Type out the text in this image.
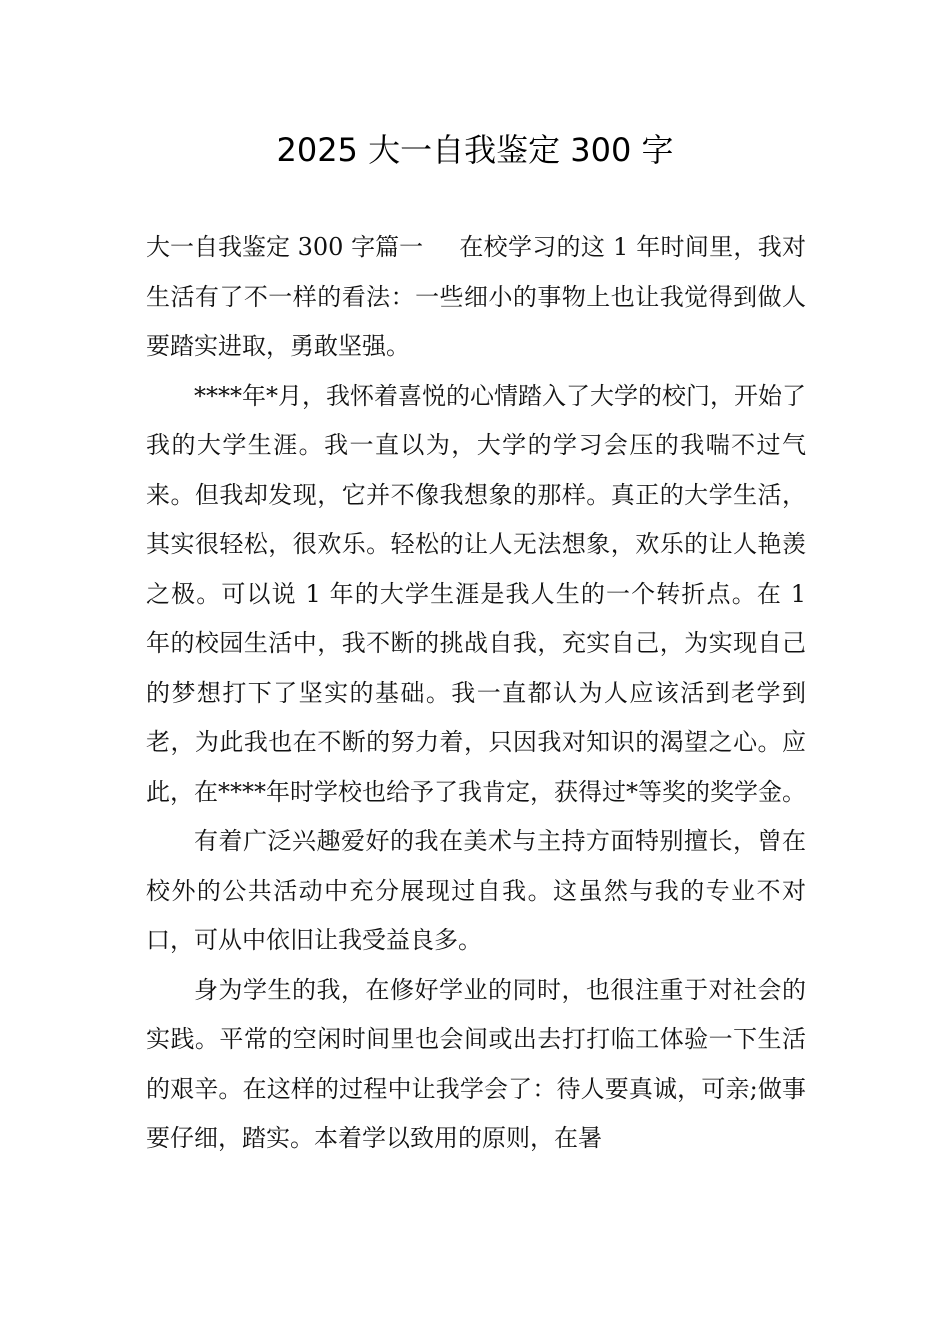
2025 大一自我鉴定 300 字

大一自我鉴定 300 字篇一 在校学习的这 1 年时间里，我对生活有了不一样的看法：一些细小的事物上也让我觉得到做人要踏实进取，勇敢坚强。

****年*月，我怀着喜悦的心情踏入了大学的校门，开始了我的大学生涯。我一直以为，大学的学习会压的我喘不过气来。但我却发现，它并不像我想象的那样。真正的大学生活，其实很轻松，很欢乐。轻松的让人无法想象，欢乐的让人艳羡之极。可以说 1 年的大学生涯是我人生的一个转折点。在 1 年的校园生活中，我不断的挑战自我，充实自己，为实现自己的梦想打下了坚实的基础。我一直都认为人应该活到老学到老，为此我也在不断的努力着，只因我对知识的渴望之心。应此，在****年时学校也给予了我肯定，获得过*等奖的奖学金。

有着广泛兴趣爱好的我在美术与主持方面特别擅长，曾在校外的公共活动中充分展现过自我。这虽然与我的专业不对口，可从中依旧让我受益良多。

身为学生的我，在修好学业的同时，也很注重于对社会的实践。平常的空闲时间里也会间或出去打打临工体验一下生活的艰辛。在这样的过程中让我学会了：待人要真诚，可亲;做事要仔细，踏实。本着学以致用的原则，在暑
